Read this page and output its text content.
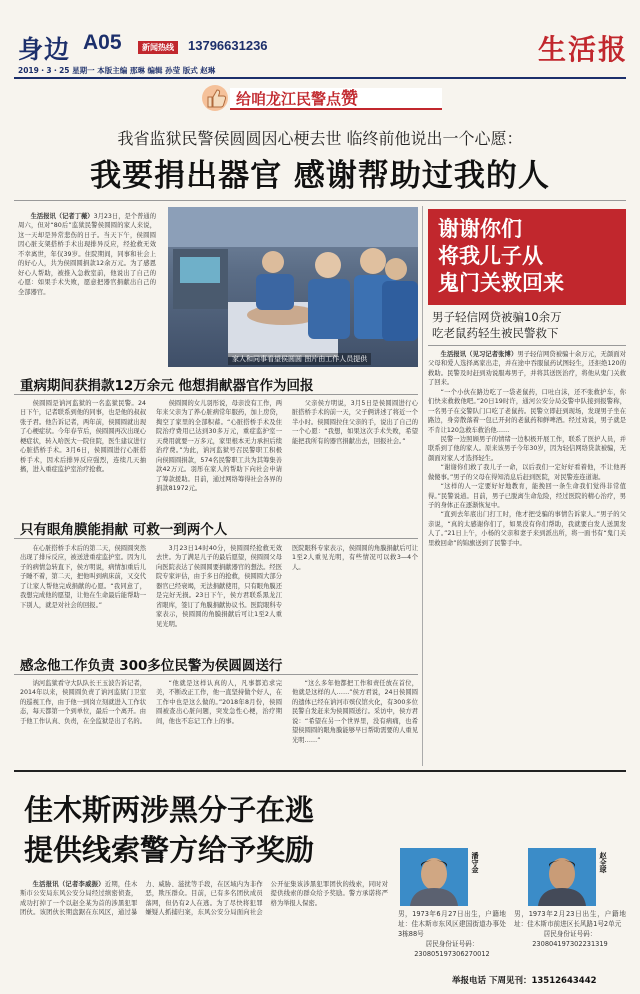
身边 A05	新闻热线	13796631236	生活报
2019・3・25 星期一 本版主编 那琳 编辑 孙莹 版式 赵琳
给咱龙江民警点赞
我省监狱民警侯圆圆因心梗去世 临终前他说出一个心愿：
我要捐出器官 感谢帮助过我的人

生活报讯（记者丁薇）3月23日，是个普通的周六，但对“80后”监狱民警侯圆圆的家人来说，这一天却是异常悲伤的日子。当天下午，侯圆圆因心脏支架搭桥手术出现排异反应，经抢救无效不幸离世，年仅39岁。住院期间，同事和社会上的好心人，共为侯圆圆捐款12余万元。为了感恩好心人帮助，被推入急救室前，他说出了自己的心愿：如果手术失败，愿意把器官捐献出自己的全部器官。

家人和同事看望侯圆圆 图片由工作人员提供
谢谢你们
将我儿子从
鬼门关救回来
男子轻信网贷被骗10余万
吃老鼠药轻生被民警救下

生活报讯（见习记者张博）男子轻信网贷被骗十余万元，无颜面对父母和爱人选择离家出走，并在途中吞服鼠药试图轻生，还拒绝120的救助。民警及时赶到劝说服毒男子，并将其送医治疗，将他从鬼门关救了回来。

“一个小伙在路边吃了一袋老鼠药，口吐白沫，还不张救护车，你们快来救救他吧。”20日19时许，通河公安分局交警中队接到报警称，一名男子在交警队门口吃了老鼠药。民警立即赶到现场，发现男子坐在路边，身旁散落着一包已开封的老鼠药和鲜啤酒。经过劝说，男子就是不肯让120急救车救治他……

民警一边照顾男子的情绪一边积极开展工作，联系了医护人员，并联系到了他的家人。原来该男子今年30岁，因为轻信网络贷款被骗，无颜面对家人才选择轻生。

“谢谢你们救了我儿子一命，以后我们一定好好看着他，不让他再做傻事。”男子的父母在得知消息后赶到医院，对民警连连道谢。

“这样的人一定要好好地教育，能挽回一条生命我们觉得非常值得。”民警说道。目前，男子已脱离生命危险，经过医院的精心治疗，男子的身体正在逐渐恢复中。

“直到去年底出门打工时，他才把受骗的事情告诉家人。”男子的父亲说，“真的太感谢你们了，如果没有你们帮助，我就要白发人送黑发人了。”21日上午，小杨的父亲和妻子来到派出所，将一面书有“鬼门关里救回命”的锦旗送到了民警手中。

重病期间获捐款12万余元 他想捐献器官作为回报

侯圆圆是讷河监狱的一名监狱民警。24日下午，记者联系到他的同事，也是他的叔叔张子君。他告诉记者，两年前，侯圆圆就出现了心梗症状。今年春节后，侯圆圆再次出现心梗症状，转入哈医大一院住院，医生建议进行心脏搭桥手术。3月6日，侯圆圆进行心脏搭桥手术，因术后排异反应强烈，连续几天抽搐，进入重症监护室治疗抢救。

侯圆圆的女儿羽彤说，母亲没有工作，两年来父亲为了养心脏病常年服药，加上房贷，掏空了家里的全部积蓄。“心脏搭桥手术及住院治疗费用已达到30多万元，重症监护室一天费用就要一万多元，家里根本无力承担后续治疗费。”为此，讷河监狱号召民警职工积极向侯圆圆捐款，574名民警职工共为其筹集善款42万元。羽彤在家人的帮助下向社会申请了筹款援助。目前，通过网络筹得社会各界的捐款81972元。

父亲侯方明说，3月5日是侯圆圆进行心脏搭桥手术的前一天，父子俩讲述了将近一个半小时。侯圆圆拉住父亲的手，说出了自己的一个心愿：“我想，如果这次手术失败，希望能把我所有的器官捐献出去，回报社会。”

只有眼角膜能捐献 可救一到两个人

在心脏搭桥手术后的第二天，侯圆圆突然出现了排斥反应，被送进重症监护室。因为儿子的病情急转直下，侯方明说，病情加重后儿子睡不着，第二天，把他叫到病床前，又交代了让家人帮他完成捐献的心愿。“我同意了，我想完成他的愿望，让他在生命最后能帮助一下别人，就是对社会的回报。”

3月23日14时40分，侯圆圆经抢救无效去世。为了满足儿子的最后愿望，侯圆圆父母向医院表达了侯圆圆要捐献器官的想法。经医院专家评估，由于多日的抢救，侯圆圆大部分器官已经衰竭，无法捐献使用，只有眼角膜还是完好无损。23日下午，侯方君联系黑龙江省眼库，签订了角膜捐献协议书。医院眼科专家表示，侯圆圆的角膜捐献后可让1至2人重见光明。

医院眼科专家表示，侯圆圆的角膜捐献后可让1至2人重见光明，有些情况可以救3—4个人。

感念他工作负责 300多位民警为侯圆圆送行

讷河监狱看守大队队长王玉波告诉记者，2014年以来，侯圆圆负责了讷河监狱门卫室的巡视工作，由于他一到岗立刻就进入工作状态，每天都第一个到单位，最后一个离开。由于他工作认真、负责，在全监狱是出了名的。

“他就是这样认真的人，凡事都追求完美，不断改正工作，他一直坚持做个好人，在工作中也是这么做的。”2018年8月份，侯圆圆被查出心脏问题，突发急性心梗，治疗期间，他也不忘记工作上的事。

“这么多年他都把工作和责任放在首位，他就是这样的人……”侯方君说，24日侯圆圆的遗体已经在讷河市殡仪馆火化，有300多位民警自发赶来为侯圆圆送行。采访中，侯方君说：“希望在另一个世界里，没有病痛，也希望侯圆圆的眼角膜能够早日帮助需要的人重见光明……”

佳木斯两涉黑分子在逃
提供线索警方给予奖励

生活报讯（记者李威振）近期，佳木斯市公安局东风公安分局经过缜密侦查，成功打掉了一个以赵全某为首的涉黑犯罪团伙。该团伙长期盘踞在东风区，通过暴力、威胁、滋扰等手段，在区域内为非作恶，欺压群众。目前，已有多名团伙成员落网，但仍有2人在逃。为了尽快将犯罪嫌疑人抓捕归案，东风公安分局面向社会公开征集该涉黑犯罪团伙的线索，同时对提供线索的群众给予奖励。警方承诺将严格为举报人保密。

潘守金
男，1973年6月27日出生，户籍地址：佳木斯市东风区建国街道办事处3栋88号
居民身份证号码：
230805197306270012
赵全球
男，1973年2月23日出生，户籍地址：佳木斯市前进区长风路1号2单元
居民身份证号码：
230804197302231319
举报电话 下周见刊：13512643442
